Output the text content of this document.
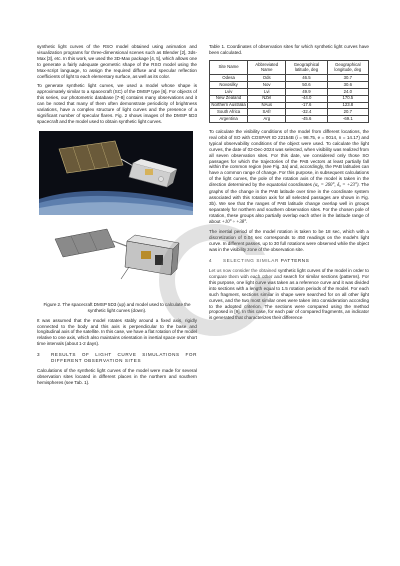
synthetic light curves of the RSO model obtained using animation and visualization programs for three-dimensional scenes such as Blender [2], 3ds-Max [3], etc. In this work, we used the 3D-Max package [4, 5], which allows one to generate a fairly adequate geometric shape of the RSO model using the Max-script language, to assign the required diffuse and specular reflection coefficients of light to each elementary surface, as well as its color.

To generate synthetic light curves, we used a model whose shape is approximately similar to a spacecraft (SC) of the DMSP type [6]. For objects of this series, our photometric database [7-8] contains many observations and it can be noted that many of them often demonstrate periodicity of brightness variations, have a complex structure of light curves and the presence of a significant number of specular flares. Fig. 2 shows images of the DMSP 5D3 spacecraft and the model used to obtain synthetic light curves.

Figure 2. The spacecraft DMSP 5D3 (up) and model used to calculate the synthetic light curves (down).

It was assumed that the model rotates stably around a fixed axis, rigidly connected to the body and this axis is perpendicular to the base and longitudinal axis of the satellite. In this case, we have a flat rotation of the model relative to one axis, which also maintains orientation in inertial space over short time intervals (about 1-2 days).

3	RESULTS OF LIGHT CURVE SIMULATIONS FOR DIFFERENT OBSERVATION SITES

Calculations of the synthetic light curves of the model were made for several observation sites located in different places in the northern and southern hemispheres (see Tab. 1).

Table 1. Coordinates of observation sites for which synthetic light curves have been calculated.

Site Name	Abbreviated Name	Geographical latitude, deg	Geographical longitude, deg
Odesa	Ods	46.5	30.7
Novosilky	Nov	50.6	30.6
Lviv	Lvi	49.9	24.0
New Zealand	NZel	-44.0	170.5
Northern Australia	NAus	-17.6	123.8
South Africa	SAfr	-32.4	20.7
Argentina	Arg	-45.6	-69.1

To calculate the visibility conditions of the model from different locations, the real orbit of SO with COSPAR ID 22154B (i = 98.75, e = 0014, n = 14.17) and typical observability conditions of the object were used. To calculate the light curves, the date of 02-Dec-2024 was selected, when visibility was realized from all seven observation sites. For this date, we considered only those SO passages for which the trajectories of the PAB vectors at least partially fall within the common region (see Fig. 3a) and, accordingly, the PAB latitudes can have a common range of change. For this purpose, in subsequent calculations of the light curves, the pole of the rotation axis of the model is taken in the direction determined by the equatorial coordinates (α₀ = 260°, δ₀ = +23°). The graphs of the change in the PAB latitude over time in the coordinate system associated with this rotation axis for all selected passages are shown in Fig. 3b). We see that the ranges of PAB latitude change overlap well in groups separately for northern and southern observation sites. For the chosen pole of rotation, these groups also partially overlap each other in the latitude range of about +10° ÷ +38°.

The inertial period of the model rotation is taken to be 18 sec, which with a discretization of 0.04 sec corresponds to 450 readings on the model's light curve. In different passes, up to 30 full rotations were observed while the object was in the visibility zone of the observation site.

4	SELECTING SIMILAR PATTERNS

Let us now consider the obtained synthetic light curves of the model in order to compare them with each other and search for similar sections (patterns). For this purpose, one light curve was taken as a reference curve and it was divided into sections with a length equal to 1.5 rotation periods of the model. For each such fragment, sections similar in shape were searched for on all other light curves, and the two most similar ones were taken into consideration according to the adopted criterion. The sections were compared using the method proposed in [9]. In this case, for each pair of compared fragments, an indicator is generated that characterizes their difference
